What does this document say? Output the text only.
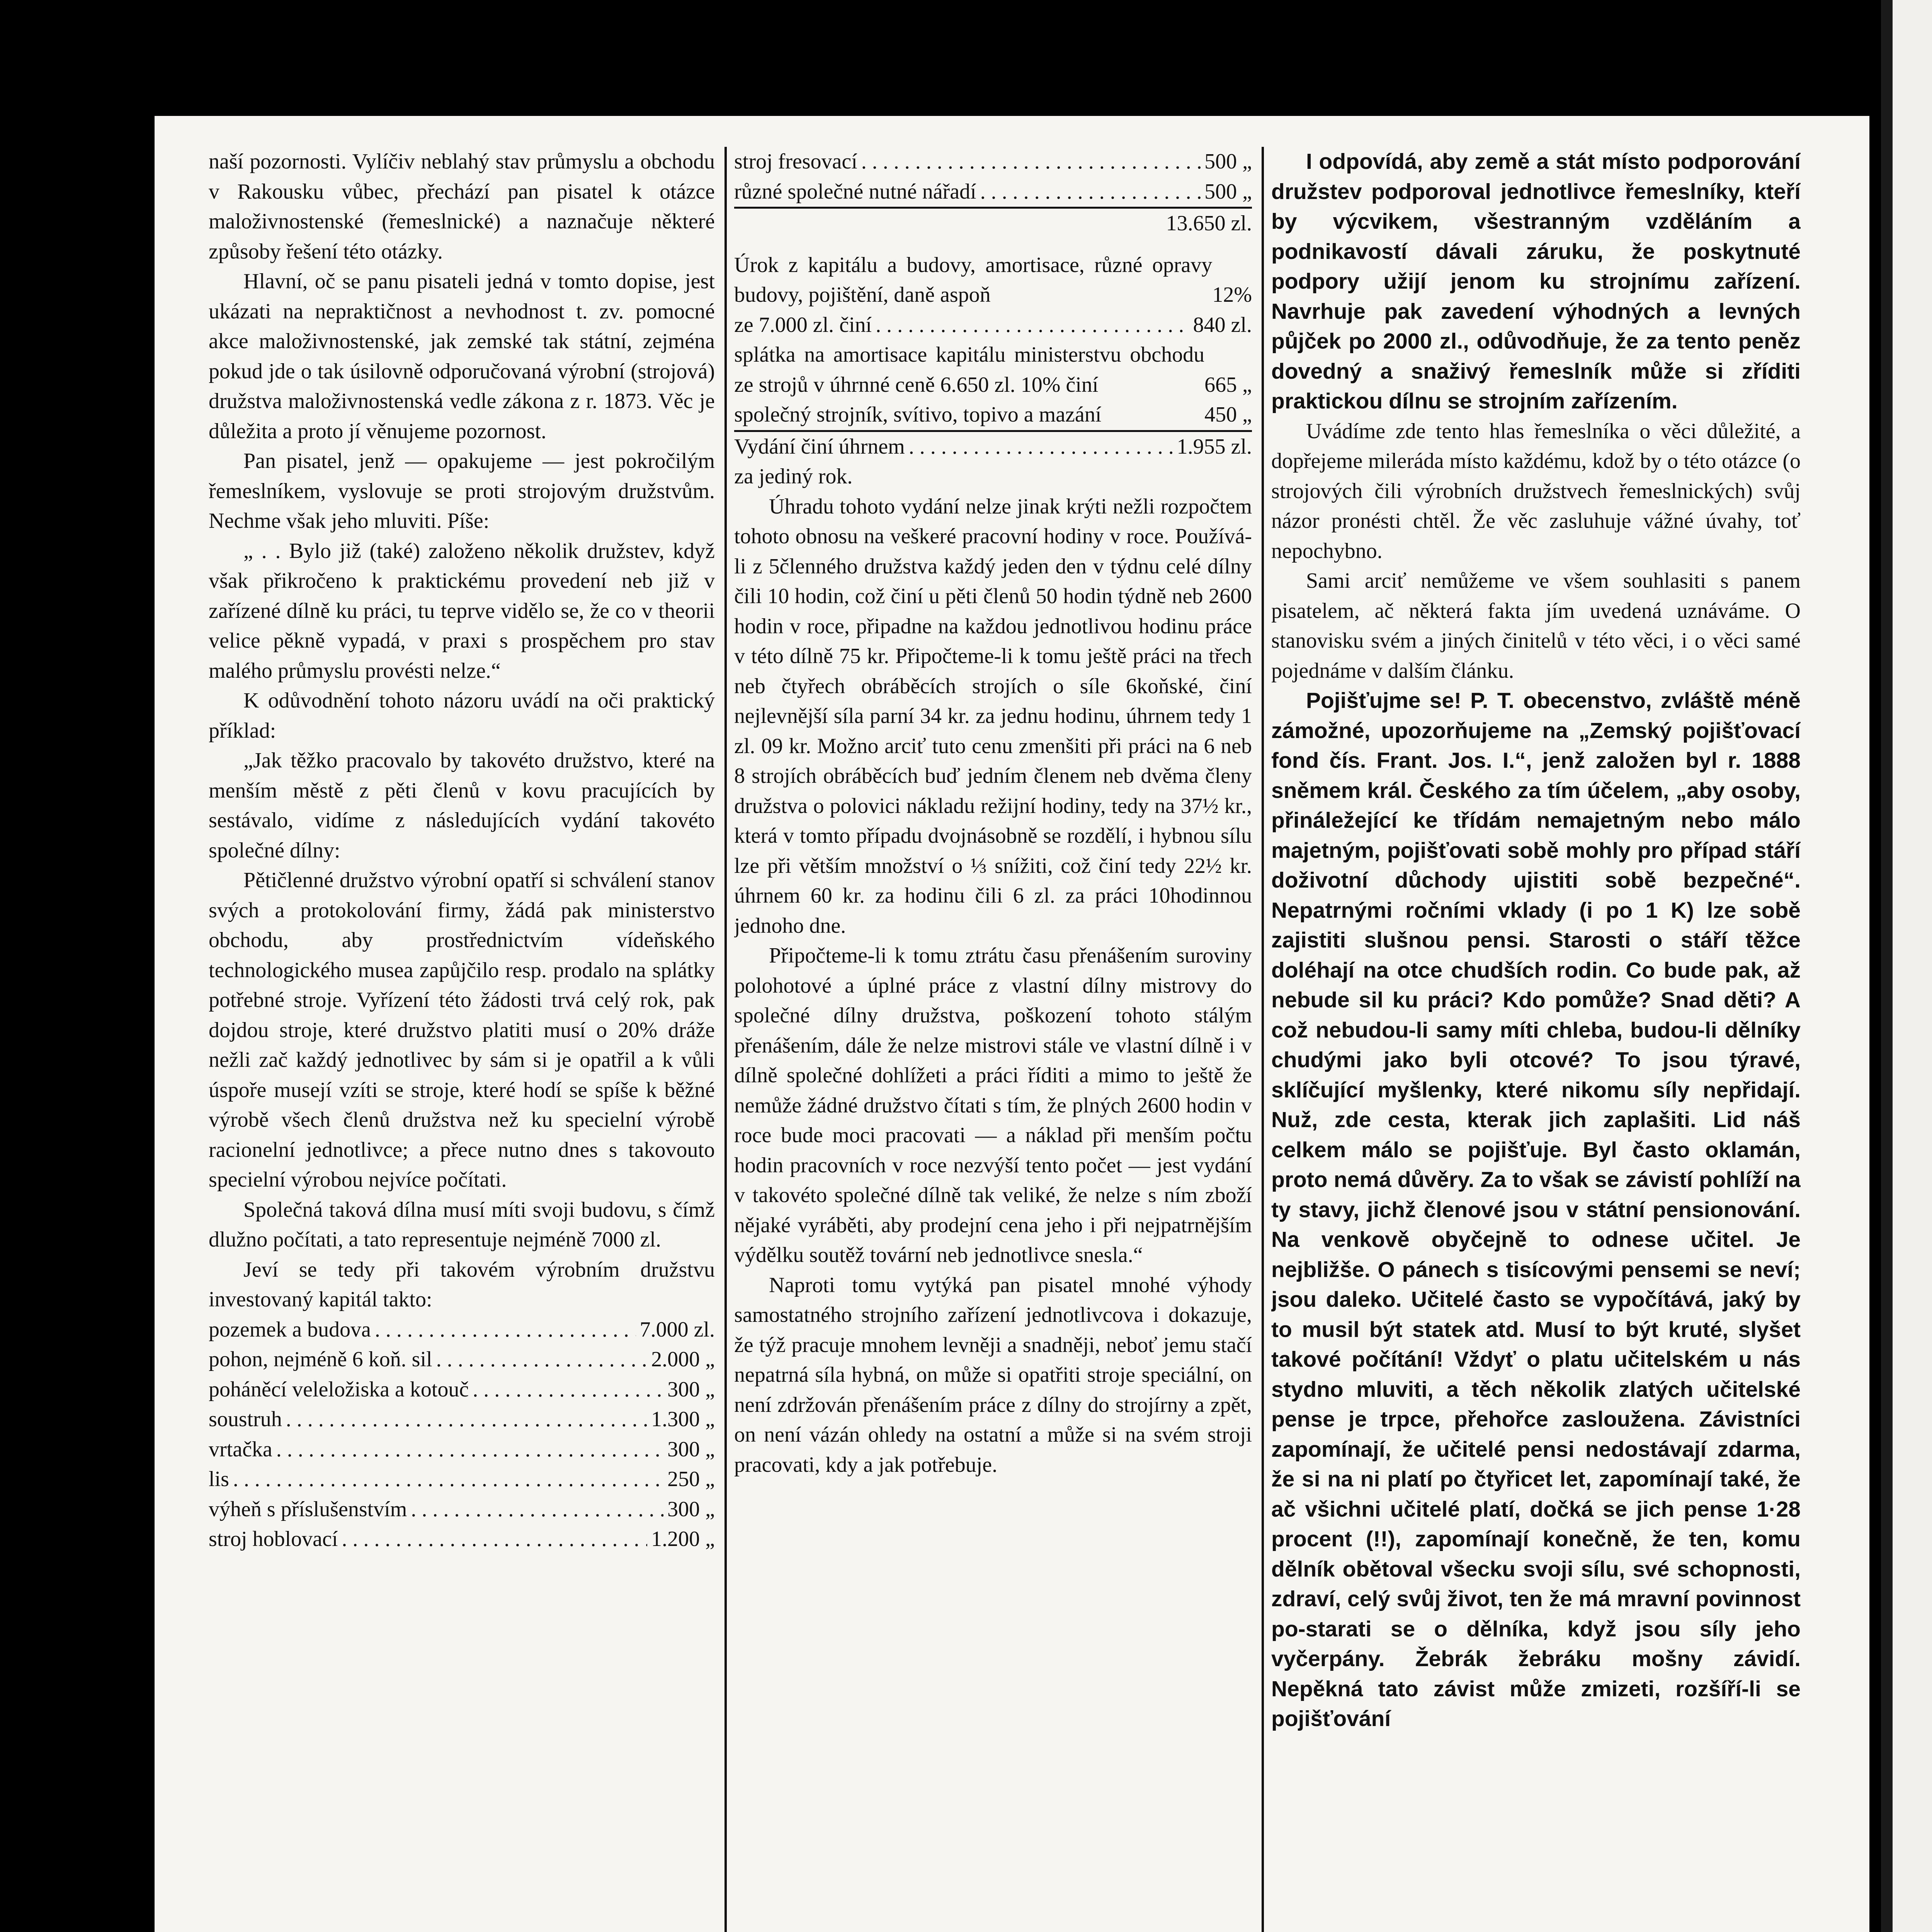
naší pozornosti. Vylíčiv neblahý stav průmyslu a obchodu v Rakousku vůbec, přechází pan pisatel k otázce maloživnostenské (řemeslnické) a naznačuje některé způsoby řešení této otázky.

Hlavní, oč se panu pisateli jedná v tomto dopise, jest ukázati na nepraktičnost a nevhodnost t. zv. pomocné akce maloživnostenské, jak zemské tak státní, zejména pokud jde o tak úsilovně odporučovaná výrobní (strojová) družstva maloživnostenská vedle zákona z r. 1873. Věc je důležita a proto jí věnujeme pozornost.

Pan pisatel, jenž — opakujeme — jest pokročilým řemeslníkem, vyslovuje se proti strojovým družstvům. Nechme však jeho mluviti. Píše:

„ . . Bylo již (také) založeno několik družstev, když však přikročeno k praktickému provedení neb již v zařízené dílně ku práci, tu teprve vidělo se, že co v theorii velice pěkně vypadá, v praxi s prospěchem pro stav malého průmyslu provésti nelze.“

K odůvodnění tohoto názoru uvádí na oči praktický příklad:

„Jak těžko pracovalo by takovéto družstvo, které na menším městě z pěti členů v kovu pracujících by sestávalo, vidíme z následujících vydání takovéto společné dílny:

Pětičlenné družstvo výrobní opatří si schválení stanov svých a protokolování firmy, žádá pak ministerstvo obchodu, aby prostřednictvím vídeňského technologického musea zapůjčilo resp. prodalo na splátky potřebné stroje. Vyřízení této žádosti trvá celý rok, pak dojdou stroje, které družstvo platiti musí o 20% dráže nežli zač každý jednotlivec by sám si je opatřil a k vůli úspoře musejí vzíti se stroje, které hodí se spíše k běžné výrobě všech členů družstva než ku specielní výrobě racionelní jednotlivce; a přece nutno dnes s takovouto specielní výrobou nejvíce počítati.

Společná taková dílna musí míti svoji budovu, s čímž dlužno počítati, a tato representuje nejméně 7000 zl.

Jeví se tedy při takovém výrobním družstvu investovaný kapitál takto:

pozemek a budova . . .	7.000 zl.
pohon, nejméně 6 koň. sil . . .	2.000 „
poháněcí veleložiska a kotouč . . .	300 „
soustruh . . .	1.300 „
vrtačka . . .	300 „
lis . . .	250 „
výheň s příslušenstvím . . .	300 „
stroj hoblovací . . .	1.200 „
stroj fresovací . . .	500 „
různé společné nutné nářadí . . .	500 „
13.650 zl.
Úrok z kapitálu a budovy, amortisace, různé opravy budovy, pojištění, daně aspoň	12%
ze 7.000 zl. činí . . .	840 zl.
splátka na amortisace kapitálu ministerstvu obchodu ze strojů v úhrnné ceně 6.650 zl. 10% činí	665 „
společný strojník, svítivo, topivo a mazání	450 „
Vydání činí úhrnem . . .	1.955 zl.

za jediný rok.

Úhradu tohoto vydání nelze jinak krýti nežli rozpočtem tohoto obnosu na veškeré pracovní hodiny v roce. Používá-li z 5členného družstva každý jeden den v týdnu celé dílny čili 10 hodin, což činí u pěti členů 50 hodin týdně neb 2600 hodin v roce, připadne na každou jednotlivou hodinu práce v této dílně 75 kr. Připočteme-li k tomu ještě práci na třech neb čtyřech obráběcích strojích o síle 6koňské, činí nejlevnější síla parní 34 kr. za jednu hodinu, úhrnem tedy 1 zl. 09 kr. Možno arciť tuto cenu zmenšiti při práci na 6 neb 8 strojích obráběcích buď jedním členem neb dvěma členy družstva o polovici nákladu režijní hodiny, tedy na 37½ kr., která v tomto případu dvojnásobně se rozdělí, i hybnou sílu lze při větším množství o ⅓ snížiti, což činí tedy 22½ kr. úhrnem 60 kr. za hodinu čili 6 zl. za práci 10hodinnou jednoho dne.

Připočteme-li k tomu ztrátu času přenášením suroviny polohotové a úplné práce z vlastní dílny mistrovy do společné dílny družstva, poškození tohoto stálým přenášením, dále že nelze mistrovi stále ve vlastní dílně i v dílně společné dohlížeti a práci říditi a mimo to ještě že nemůže žádné družstvo čítati s tím, že plných 2600 hodin v roce bude moci pracovati — a náklad při menším počtu hodin pracovních v roce nezvýší tento počet — jest vydání v takovéto společné dílně tak veliké, že nelze s ním zboží nějaké vyráběti, aby prodejní cena jeho i při nejpatrnějším výdělku soutěž tovární neb jednotlivce snesla.“

Naproti tomu vytýká pan pisatel mnohé výhody samostatného strojního zařízení jednotlivcova i dokazuje, že týž pracuje mnohem levněji a snadněji, neboť jemu stačí nepatrná síla hybná, on může si opatřiti stroje speciální, on není zdržován přenášením práce z dílny do strojírny a zpět, on není vázán ohledy na ostatní a může si na svém stroji pracovati, kdy a jak potřebuje.

I odpovídá, aby země a stát místo podporování družstev podporoval jednotlivce řemeslníky, kteří by výcvikem, všestranným vzděláním a podnikavostí dávali záruku, že poskytnuté podpory užijí jenom ku strojnímu zařízení. Navrhuje pak zavedení výhodných a levných půjček po 2000 zl., odůvodňuje, že za tento peněz dovedný a snaživý řemeslník může si zříditi praktickou dílnu se strojním zařízením.

Uvádíme zde tento hlas řemeslníka o věci důležité, a dopřejeme mileráda místo každému, kdož by o této otázce (o strojových čili výrobních družstvech řemeslnických) svůj názor pronésti chtěl. Že věc zasluhuje vážné úvahy, toť nepochybno.

Sami arciť nemůžeme ve všem souhlasiti s panem pisatelem, ač některá fakta jím uvedená uznáváme. O stanovisku svém a jiných činitelů v této věci, i o věci samé pojednáme v dalším článku.

Pojišťujme se! P. T. obecenstvo, zvláště méně zámožné, upozorňujeme na „Zemský pojišťovací fond čís. Frant. Jos. I.“, jenž založen byl r. 1888 sněmem král. Českého za tím účelem, „aby osoby, přináležející ke třídám nemajetným nebo málo majetným, pojišťovati sobě mohly pro případ stáří doživotní důchody ujistiti sobě bezpečné“. Nepatrnými ročními vklady (i po 1 K) lze sobě zajistiti slušnou pensi. Starosti o stáří těžce doléhají na otce chudších rodin. Co bude pak, až nebude sil ku práci? Kdo pomůže? Snad děti? A což nebudou-li samy míti chleba, budou-li dělníky chudými jako byli otcové? To jsou týravé, sklíčující myšlenky, které nikomu síly nepřidají. Nuž, zde cesta, kterak jich zaplašiti. Lid náš celkem málo se pojišťuje. Byl často oklamán, proto nemá důvěry. Za to však se závistí pohlíží na ty stavy, jichž členové jsou v státní pensionování. Na venkově obyčejně to odnese učitel. Je nejbližše. O pánech s tisícovými pensemi se neví; jsou daleko. Učitelé často se vypočítává, jaký by to musil být statek atd. Musí to být kruté, slyšet takové počítání! Vždyť o platu učitelském u nás stydno mluviti, a těch několik zlatých učitelské pense je trpce, přehořce zasloužena. Závistníci zapomínají, že učitelé pensi nedostávají zdarma, že si na ni platí po čtyřicet let, zapomínají také, že ač všichni učitelé platí, dočká se jich pense 1·28 procent (!!), zapomínají konečně, že ten, komu dělník obětoval všecku svoji sílu, své schopnosti, zdraví, celý svůj život, ten že má mravní povinnost po-starati se o dělníka, když jsou síly jeho vyčerpány. Žebrák žebráku mošny závidí. Nepěkná tato závist může zmizeti, rozšíří-li se pojišťování
